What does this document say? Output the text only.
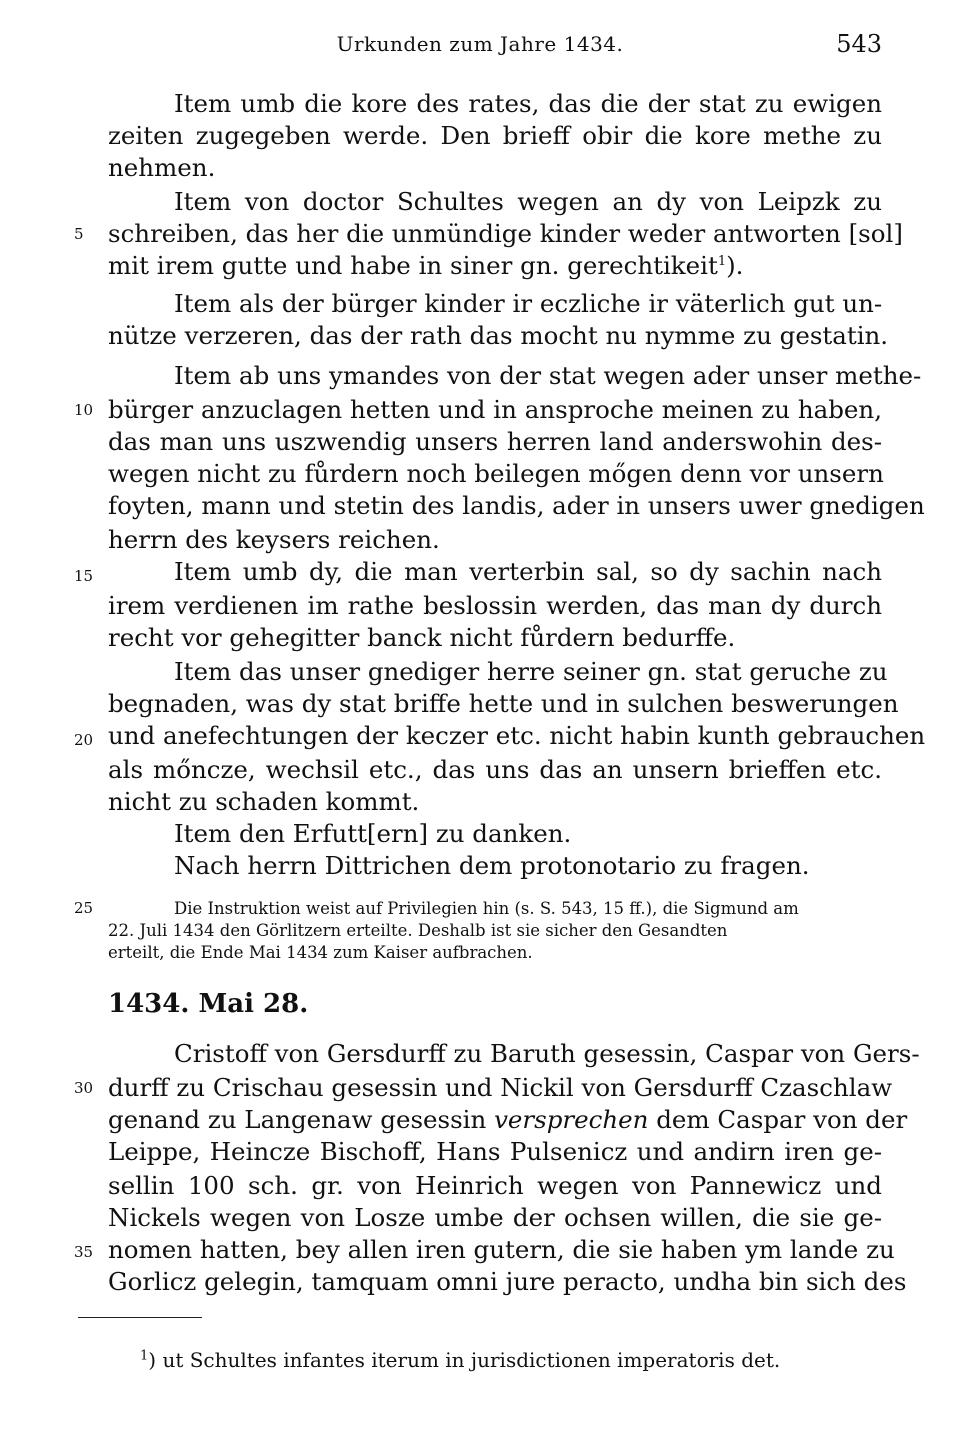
Urkunden zum Jahre 1434.	543
Item umb die kore des rates, das die der stat zu ewigen
zeiten zugegeben werde. Den brieff obir die kore methe zu
nehmen.
Item von doctor Schultes wegen an dy von Leipzk zu
schreiben, das her die unmündige kinder weder antworten [sol]
mit irem gutte und habe in siner gn. gerechtikeit$^1$).
Item als der bürger kinder ir eczliche ir väterlich gut un-
nütze verzeren, das der rath das mocht nu nymme zu gestatin.
Item ab uns ymandes von der stat wegen ader unser methe-
bürger anzuclagen hetten und in ansproche meinen zu haben,
das man uns uszwendig unsers herren land anderswohin des-
wegen nicht zu fůrdern noch beilegen mőgen denn vor unsern
foyten, mann und stetin des landis, ader in unsers uwer gnedigen
herrn des keysers reichen.
Item umb dy, die man verterbin sal, so dy sachin nach
irem verdienen im rathe beslossin werden, das man dy durch
recht vor gehegitter banck nicht fůrdern bedurffe.
Item das unser gnediger herre seiner gn. stat geruche zu
begnaden, was dy stat briffe hette und in sulchen beswerungen
und anefechtungen der keczer etc. nicht habin kunth gebrauchen
als mőncze, wechsil etc., das uns das an unsern brieffen etc.
nicht zu schaden kommt.
Item den Erfutt[ern] zu danken.
Nach herrn Dittrichen dem protonotario zu fragen.
Die Instruktion weist auf Privilegien hin (s. S. 543, 15 ff.), die Sigmund am
22. Juli 1434 den Görlitzern erteilte. Deshalb ist sie sicher den Gesandten
erteilt, die Ende Mai 1434 zum Kaiser aufbrachen.
1434. Mai 28.
Cristoff von Gersdurff zu Baruth gesessin, Caspar von Gers-
durff zu Crischau gesessin und Nickil von Gersdurff Czaschlaw
genand zu Langenaw gesessin versprechen dem Caspar von der
Leippe, Heincze Bischoff, Hans Pulsenicz und andirn iren ge-
sellin 100 sch. gr. von Heinrich wegen von Pannewicz und
Nickels wegen von Losze umbe der ochsen willen, die sie ge-
nomen hatten, bey allen iren gutern, die sie haben ym lande zu
Gorlicz gelegin, tamquam omni jure peracto, undha bin sich des
5
10
15
20
25
30
35
$^1$) ut Schultes infantes iterum in jurisdictionen imperatoris det.
